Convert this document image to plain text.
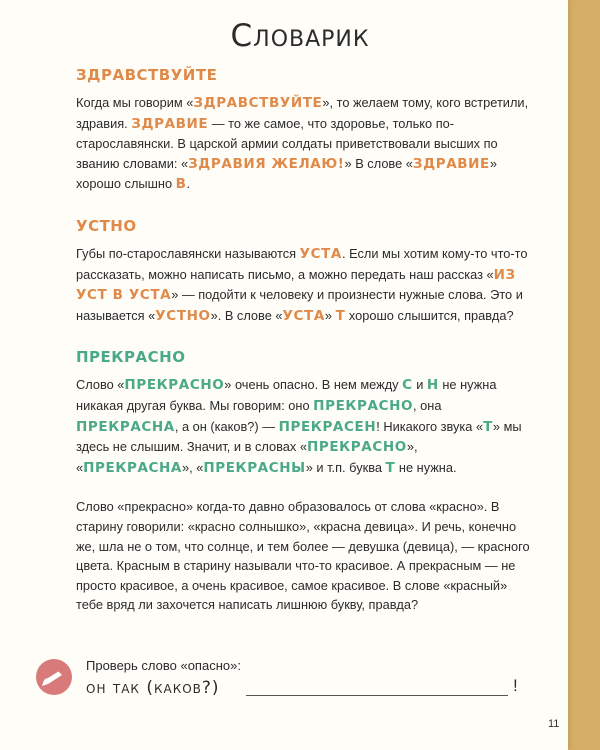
Словарик
ЗДРАВСТВУЙТЕ

Когда мы говорим «ЗДРАВСТВУЙТЕ», то желаем тому, кого встретили, здравия. ЗДРАВИЕ — то же самое, что здоровье, только по-старославянски. В царской армии солдаты приветствовали высших по званию словами: «ЗДРАВИЯ ЖЕЛАЮ!» В слове «ЗДРАВИЕ» хорошо слышно В.

УСТНО

Губы по-старославянски называются УСТА. Если мы хотим кому-то что-то рассказать, можно написать письмо, а можно передать наш рассказ «ИЗ УСТ В УСТА» — подойти к человеку и произнести нужные слова. Это и называется «УСТНО». В слове «УСТА» Т хорошо слышится, правда?

ПРЕКРАСНО

Слово «ПРЕКРАСНО» очень опасно. В нем между С и Н не нужна никакая другая буква. Мы говорим: оно ПРЕКРАСНО, она ПРЕКРАСНА, а он (каков?) — ПРЕКРАСЕН! Никакого звука «Т» мы здесь не слышим. Значит, и в словах «ПРЕКРАСНО», «ПРЕКРАСНА», «ПРЕКРАСНЫ» и т.п. буква Т не нужна.

Слово «прекрасно» когда-то давно образовалось от слова «красно». В старину говорили: «красно солнышко», «красна девица». И речь, конечно же, шла не о том, что солнце, и тем более — девушка (девица), — красного цвета. Красным в старину называли что-то красивое. А прекрасным — не просто красивое, а очень красивое, самое красивое. В слове «красный» тебе вряд ли захочется написать лишнюю букву, правда?

Проверь слово «опасно»:
он так (каков?)	!
11
